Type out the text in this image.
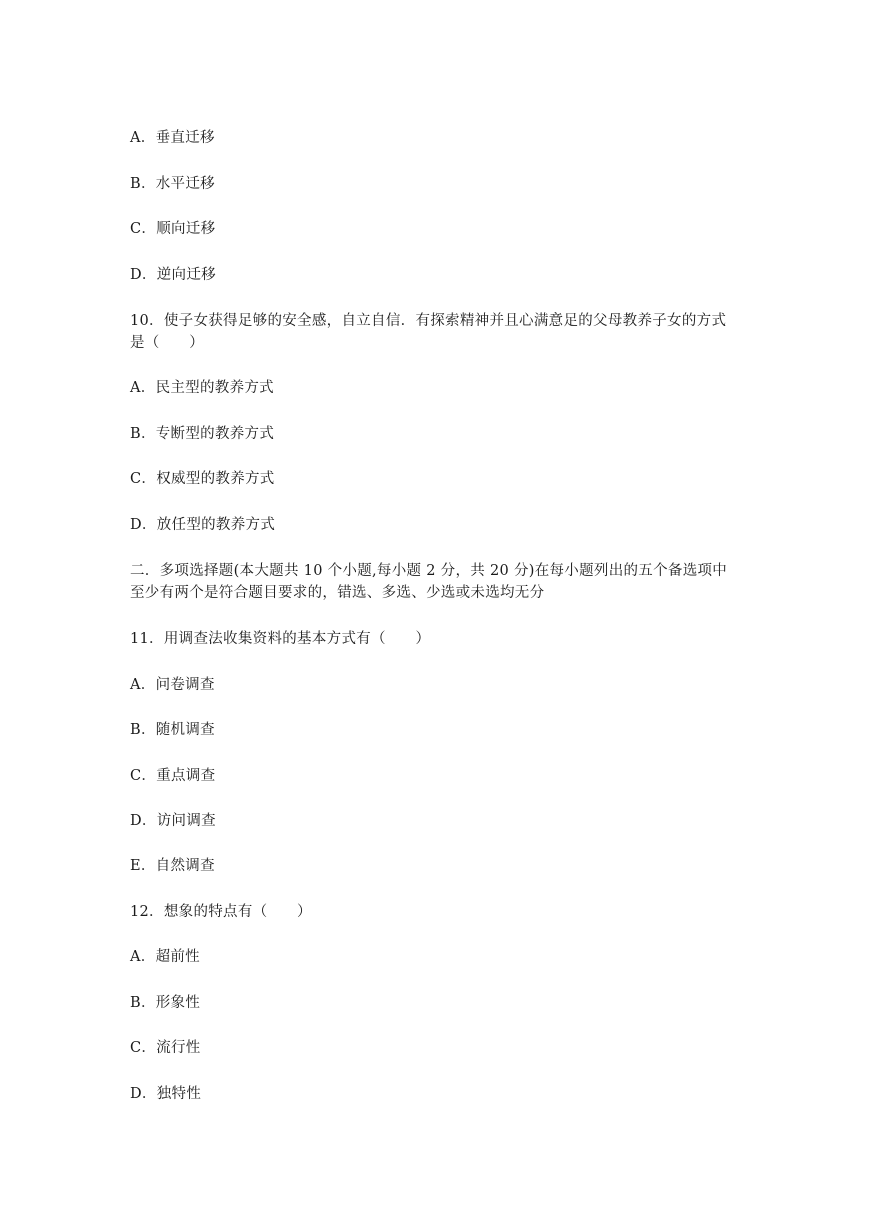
A．垂直迁移
B．水平迁移
C．顺向迁移
D．逆向迁移
10．使子女获得足够的安全感，自立自信．有探索精神并且心满意足的父母教养子女的方式
是（　　）
A．民主型的教养方式
B．专断型的教养方式
C．权威型的教养方式
D．放任型的教养方式
二．多项选择题(本大题共 10 个小题,每小题 2 分，共 20 分)在每小题列出的五个备选项中
至少有两个是符合题目要求的，错选、多选、少选或未选均无分
11．用调查法收集资料的基本方式有（　　）
A．问卷调查
B．随机调查
C．重点调查
D．访问调查
E．自然调查
12．想象的特点有（　　）
A．超前性
B．形象性
C．流行性
D．独特性
